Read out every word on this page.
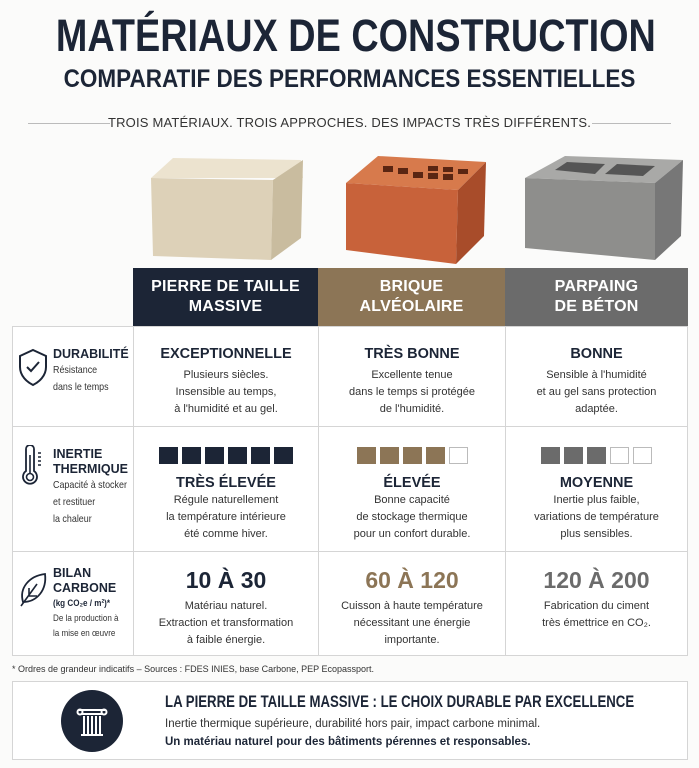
MATÉRIAUX DE CONSTRUCTION
COMPARATIF DES PERFORMANCES ESSENTIELLES
TROIS MATÉRIAUX. TROIS APPROCHES. DES IMPACTS TRÈS DIFFÉRENTS.
PIERRE DE TAILLE
MASSIVE
BRIQUE
ALVÉOLAIRE
PARPAING
DE BÉTON
DURABILITÉ

Résistance

dans le temps

EXCEPTIONNELLE
Plusieurs siècles.
Insensible au temps,
à l'humidité et au gel.
TRÈS BONNE
Excellente tenue
dans le temps si protégée
de l'humidité.
BONNE
Sensible à l'humidité
et au gel sans protection
adaptée.
INERTIE
THERMIQUE

Capacité à stocker

et restituer

la chaleur

TRÈS ÉLEVÉE
Régule naturellement
la température intérieure
été comme hiver.
ÉLEVÉE
Bonne capacité
de stockage thermique
pour un confort durable.
MOYENNE
Inertie plus faible,
variations de température
plus sensibles.
BILAN
CARBONE

(kg CO₂e / m²)*

De la production à

la mise en œuvre

10 À 30
Matériau naturel.
Extraction et transformation
à faible énergie.
60 À 120
Cuisson à haute température
nécessitant une énergie
importante.
120 À 200
Fabrication du ciment
très émettrice en CO₂.
* Ordres de grandeur indicatifs – Sources : FDES INIES, base Carbone, PEP Ecopassport.
LA PIERRE DE TAILLE MASSIVE : LE CHOIX DURABLE PAR EXCELLENCE
Inertie thermique supérieure, durabilité hors pair, impact carbone minimal.
Un matériau naturel pour des bâtiments pérennes et responsables.
